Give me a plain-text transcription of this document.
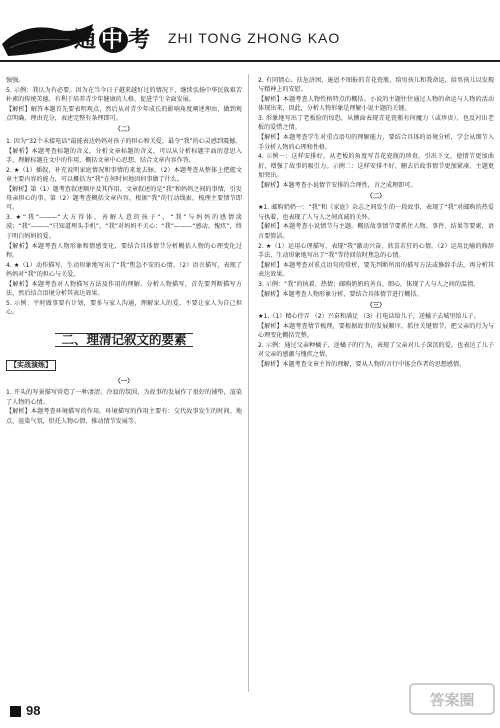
通中考 ZHI TONG ZHONG KAO

强强。

5. 示例：我认为有必要。因为在当今日子越来越好过的情况下，继续弘扬中华民族艰苦朴素的传统美德，有利于培养青少年健康的人格，促进学生全面发展。

【解析】解答本题首先要表明观点，然后从对青少年成长的影响角度阐述理由，做到观点明确，理由充分，表述完整有条理即可。

（二）

1. 因为“32个未接电话”最能表达妈妈对孩子的担心和关爱，最令“我”的心灵感到震撼。

【解析】本题考查标题的含义。分析文章标题的含义，可以从分析标题字面的意思入手，理解标题在文中的作用，概括文章中心思想，结合文章内容作答。

2. ★（1）插叙，补充说明家庭情况和事情的来龙去脉。（2）本题考查从整体上把握文章主要内容的能力，可以概括为“我”在何时何地因何事做了什么。

【解析】第（1）题考查叙述顺序及其作用。文章叙述的是“我”和妈妈之间的事情，引发母亲担心的事。第（2）题考查概括文章内容，根据“我”的行动线索，梳理主要情节即可。

3. ★“我”———“大方得体、善解人意的孩子”，“我”与妈妈的感情淡漠；“我”———“只知道埋头手机”，“我”对妈妈不关心；“我”———“感动、愧疚”，终于明白妈妈的爱。

【解析】本题考查人物形象和情感变化，要结合具体情节分析概括人物的心理变化过程。

4. ★（1）动作描写，生动形象地写出了“我”焦急不安的心情。（2）语言描写，表现了妈妈对“我”的担心与关爱。

【解析】本题考查对人物描写方法及作用的理解。分析人物描写，首先要判断描写方法，然后结合语境分析其表达效果。

5. 示例：平时做事要有计划，要多与家人沟通，理解家人的爱，不要让家人为自己担心。

二、理清记叙文的要素
【实战演练】

（一）

1. 开头的写景描写营造了一种凄清、冷寂的氛围，为故事的发展作了很好的铺垫，渲染了人物的心情。

【解析】本题考查环境描写的作用。环境描写的作用主要有：交代故事发生的时间、地点，渲染气氛，烘托人物心情，推动情节发展等。

2. 有同情心、扶危济困、施恩不图报的青花瓷瓶，给男孩儿和我命运，给男孩儿以发现与精神上的安慰。

【解析】本题考查人物性格特点的概括。小说的主题往往通过人物的命运与人物的活动体现出来，因此，分析人物形象是理解小说主题的关键。

3. 形象地写出了老板脸的惊恐，从侧面表现青花瓷瓶有何魔力（或珍贵），也反衬出老板的爱惜之情。

【解析】本题考查学生对重点语句的理解能力，要结合具体的语境分析，学会从细节入手分析人物的心理和性格。

4. 示例一：这样安排好，从老板的角度写青花瓷瓶的珍贵，引出下文，使情节更加曲折，增强了故事的吸引力。示例二：这样安排不好，删去后故事情节更加紧凑，主题更加突出。

【解析】本题考查小说情节安排的合理性，言之成理即可。

（二）

★1. 邮购奶奶一：“我”和《家庭》杂志之间发生的一段故事，表现了“我”对邮购的热爱与执着，也表现了人与人之间真诚的关怀。

【解析】本题考查小说情节与主题。概括故事情节要抓住人物、事件、结果等要素，语言要简洁。

2. ★（1）运用心理描写，表现“我”激动兴奋、欣喜若狂的心情。（2）运用比喻的修辞手法，生动形象地写出了“我”等待回信时焦急的心情。

【解析】本题考查对重点语句的赏析，要先判断所用的描写方法或修辞手法，再分析其表达效果。

3. 示例：“我”的执着、热情；邮购奶奶的善良、细心，体现了人与人之间的温情。

【解析】本题考查人物形象分析，要结合具体情节进行概括。

（三）

★1.（1）精心侍弄 （2）兴奋和满足 （3）打电话给儿子，送橘子去城里给儿子。

【解析】本题考查情节梳理，要根据故事的发展顺序，抓住关键情节，把父亲的行为与心理变化概括完整。

2. 示例：通过父亲种橘子、送橘子的行为，表现了父亲对儿子深沉的爱，也表达了儿子对父亲的感激与愧疚之情。

【解析】本题考查文章主旨的理解，要从人物的言行中体会作者的思想感情。

98
答案圈
